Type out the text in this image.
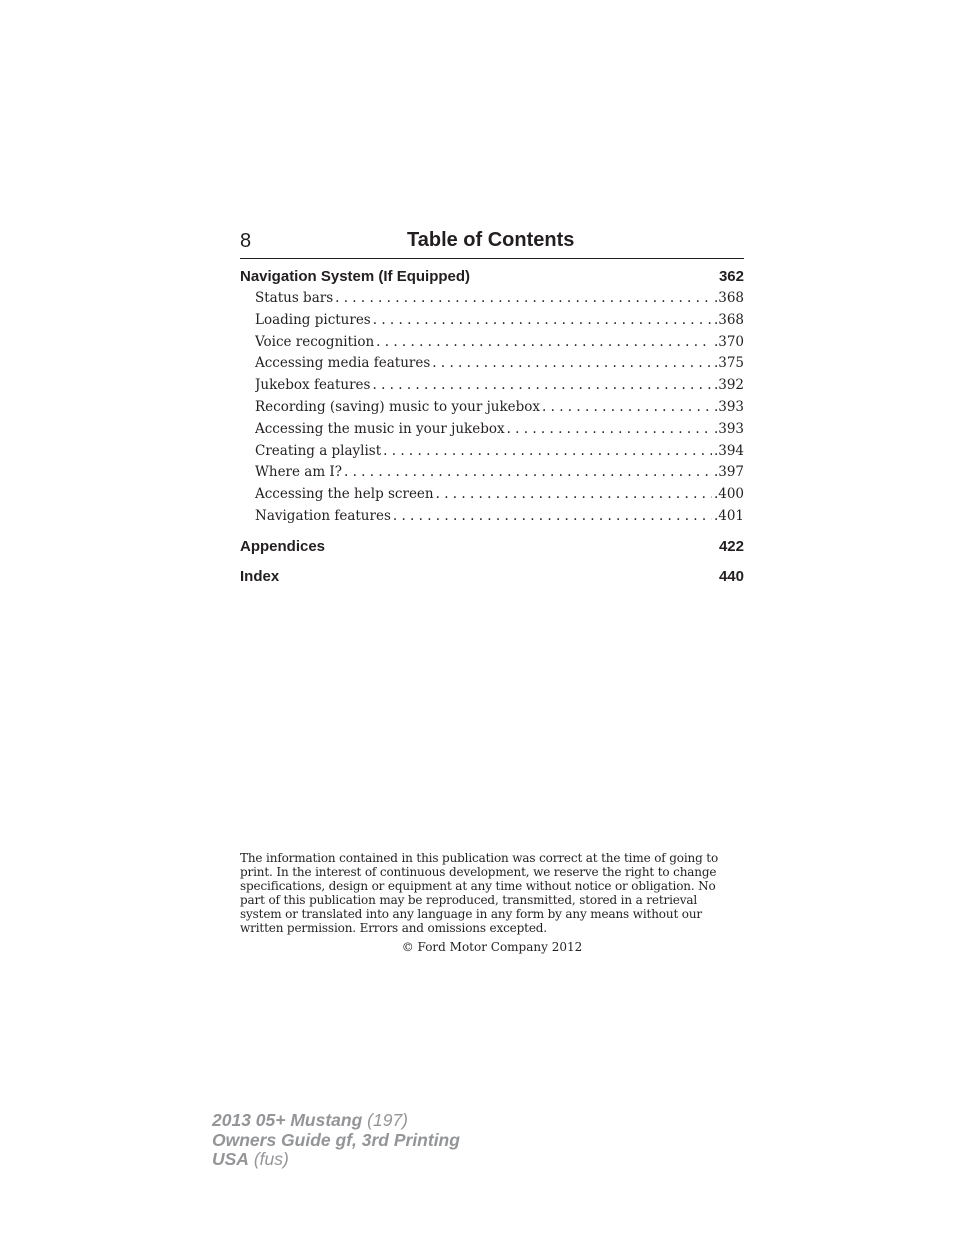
8	Table of Contents
Navigation System (If Equipped)	362
Status bars . . .	.368
Loading pictures . . .	.368
Voice recognition . . .	.370
Accessing media features . . .	.375
Jukebox features . . .	.392
Recording (saving) music to your jukebox . . .	.393
Accessing the music in your jukebox . . .	.393
Creating a playlist . . .	.394
Where am I? . . .	.397
Accessing the help screen . . .	.400
Navigation features . . .	.401
Appendices	422
Index	440

The information contained in this publication was correct at the time of going to

print. In the interest of continuous development, we reserve the right to change

specifications, design or equipment at any time without notice or obligation. No

part of this publication may be reproduced, transmitted, stored in a retrieval

system or translated into any language in any form by any means without our

written permission. Errors and omissions excepted.

© Ford Motor Company 2012
2013 05+ Mustang (197)
Owners Guide gf, 3rd Printing
USA (fus)
